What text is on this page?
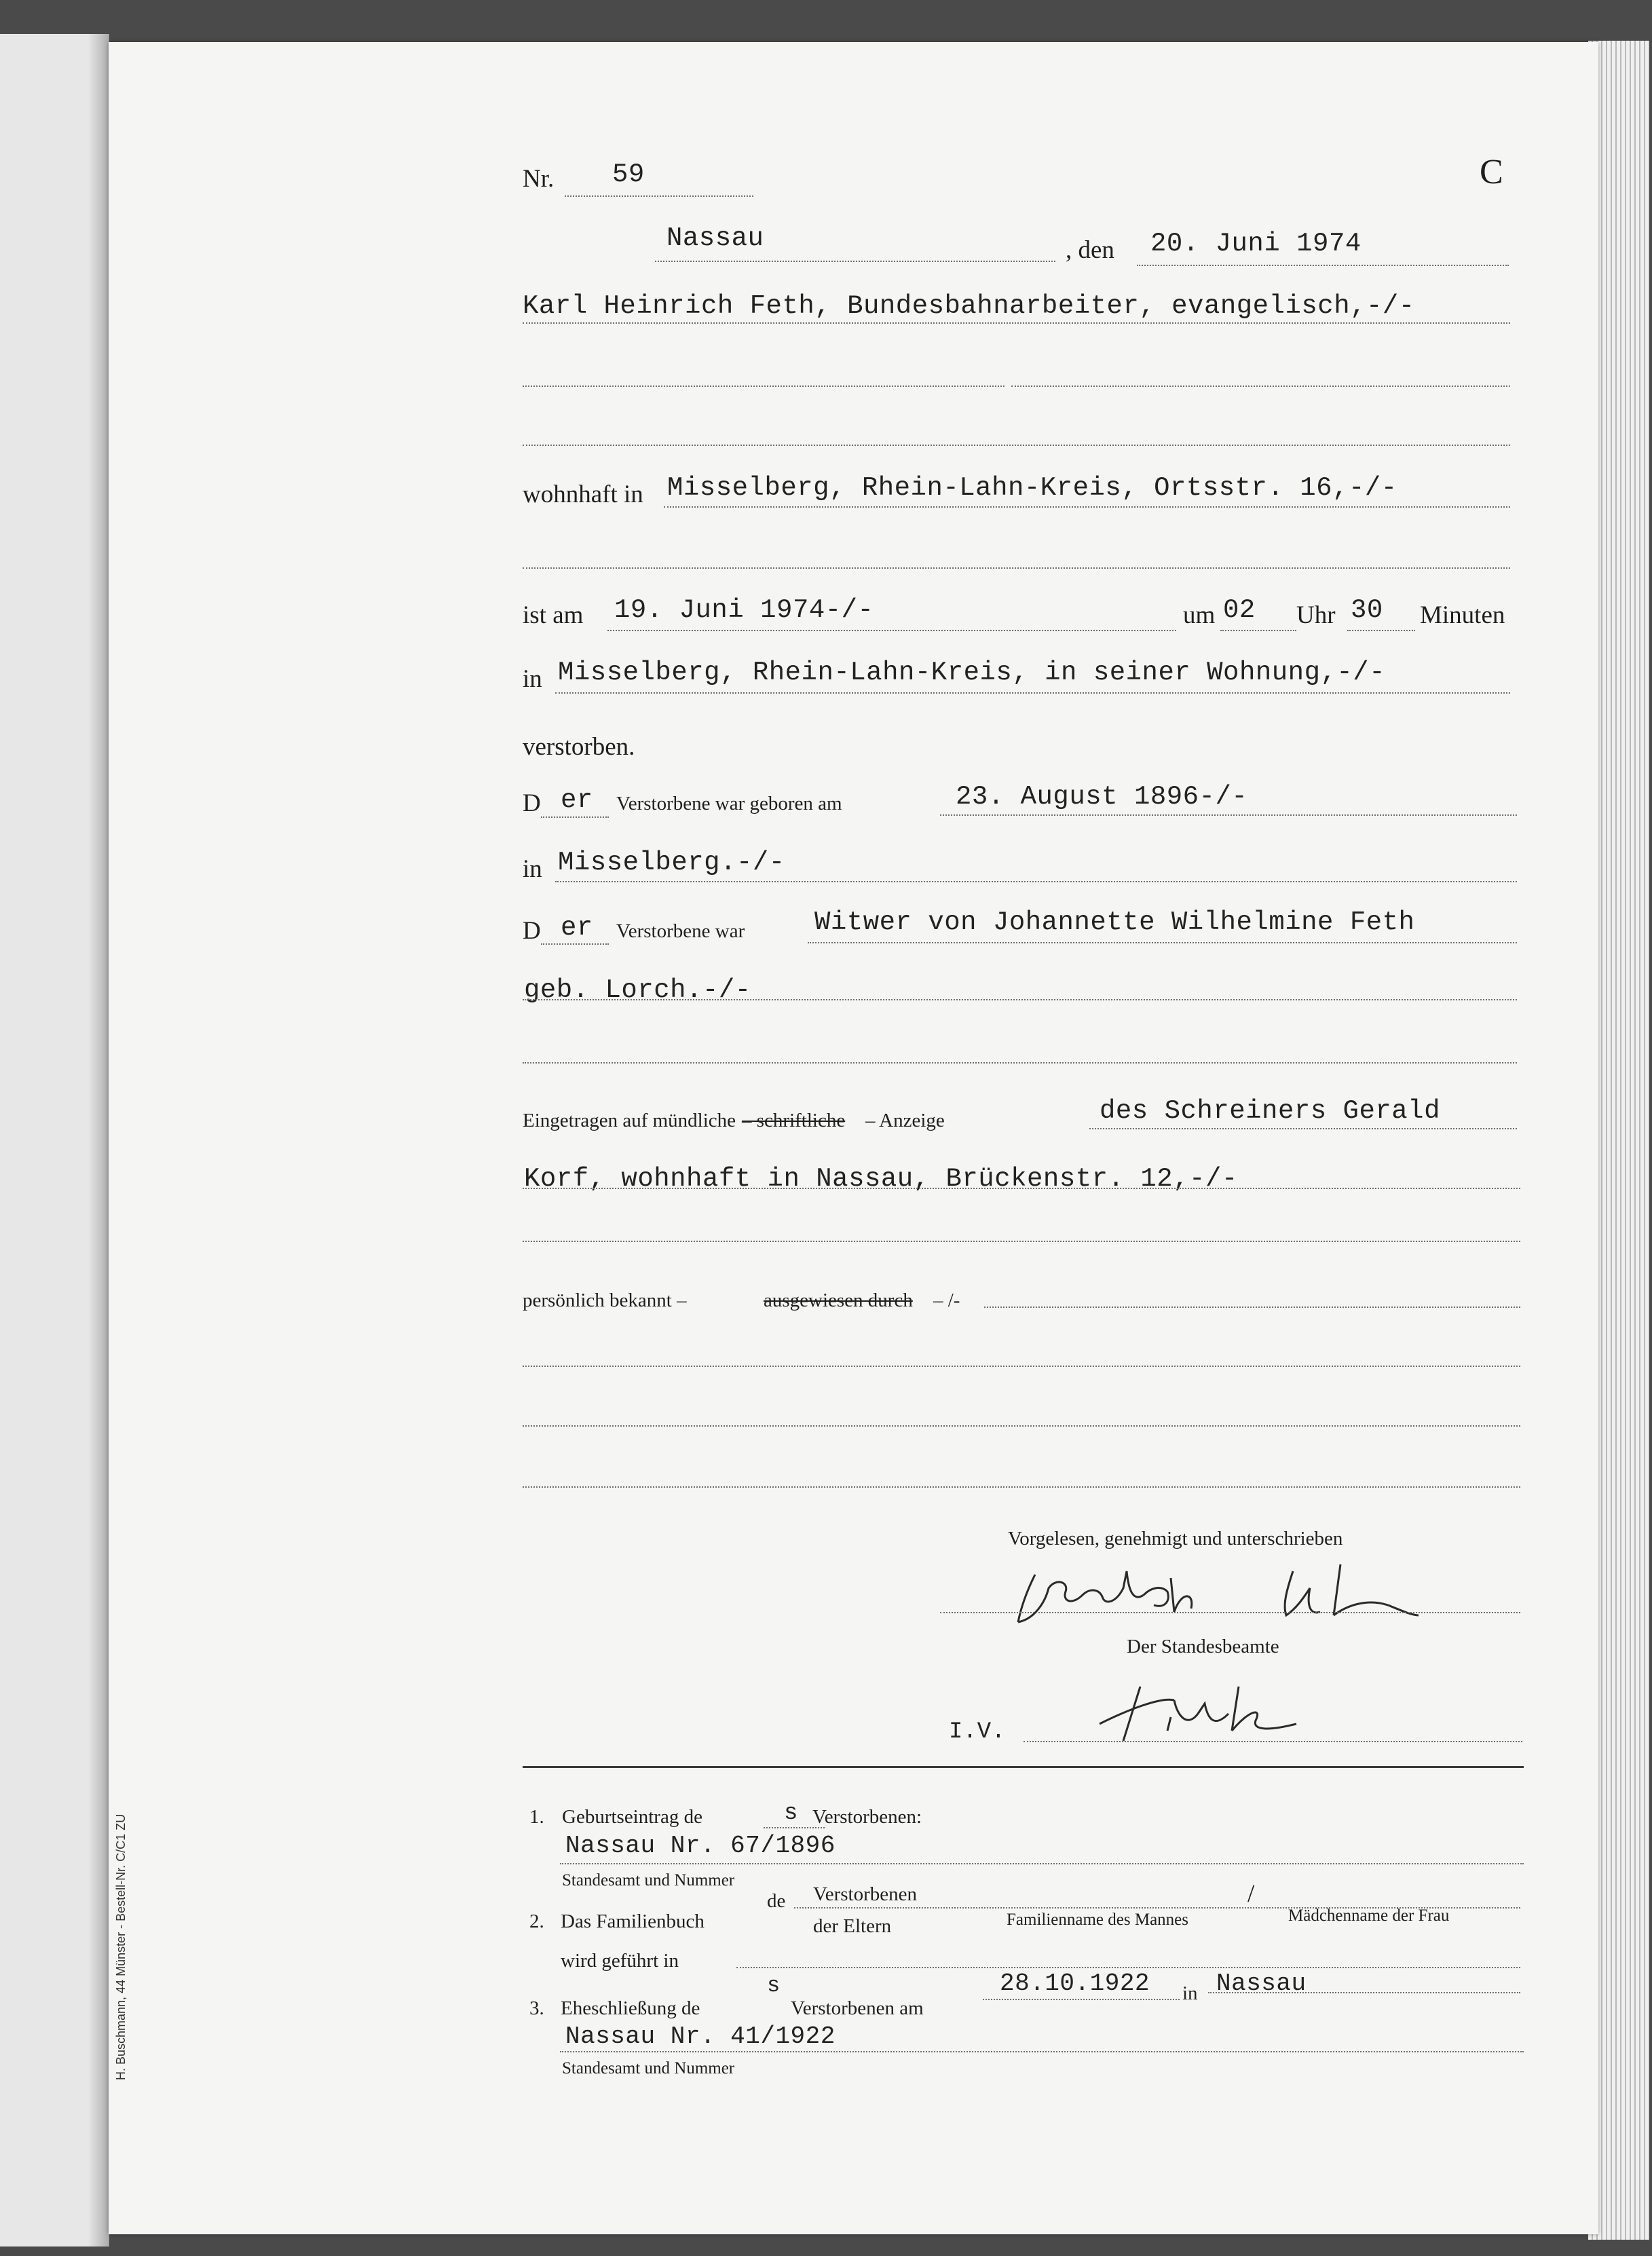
Nr. 59	C
Nassau	, den 20. Juni 1974
Karl Heinrich Feth, Bundesbahnarbeiter, evangelisch,-/-
wohnhaft in Misselberg, Rhein-Lahn-Kreis, Ortsstr. 16,-/-
ist am 19. Juni 1974-/-	um 02 Uhr 30 Minuten
in Misselberg, Rhein-Lahn-Kreis, in seiner Wohnung,-/-
verstorben.
D er Verstorbene war geboren am	23. August 1896-/-
in Misselberg.-/-
D er Verstorbene war	Witwer von Johannette Wilhelmine Feth
geb. Lorch.-/-
Eingetragen auf mündliche – schriftliche – Anzeige	des Schreiners Gerald
Korf, wohnhaft in Nassau, Brückenstr. 12,-/-
persönlich bekannt –	ausgewiesen durch – /-
Vorgelesen, genehmigt und unterschrieben
Der Standesbeamte
I.V.
1. Geburtseintrag de	s Verstorbenen:
Nassau Nr. 67/1896
Standesamt und Nummer
2. Das Familienbuch
de Verstorbenen
der Eltern	Familienname des Mannes
/
Mädchenname der Frau
wird geführt in
3. Eheschließung de
s
Verstorbenen am
28.10.1922 in Nassau
Nassau Nr. 41/1922
Standesamt und Nummer
H. Buschmann, 44 Münster - Bestell-Nr. C/C1 ZU
